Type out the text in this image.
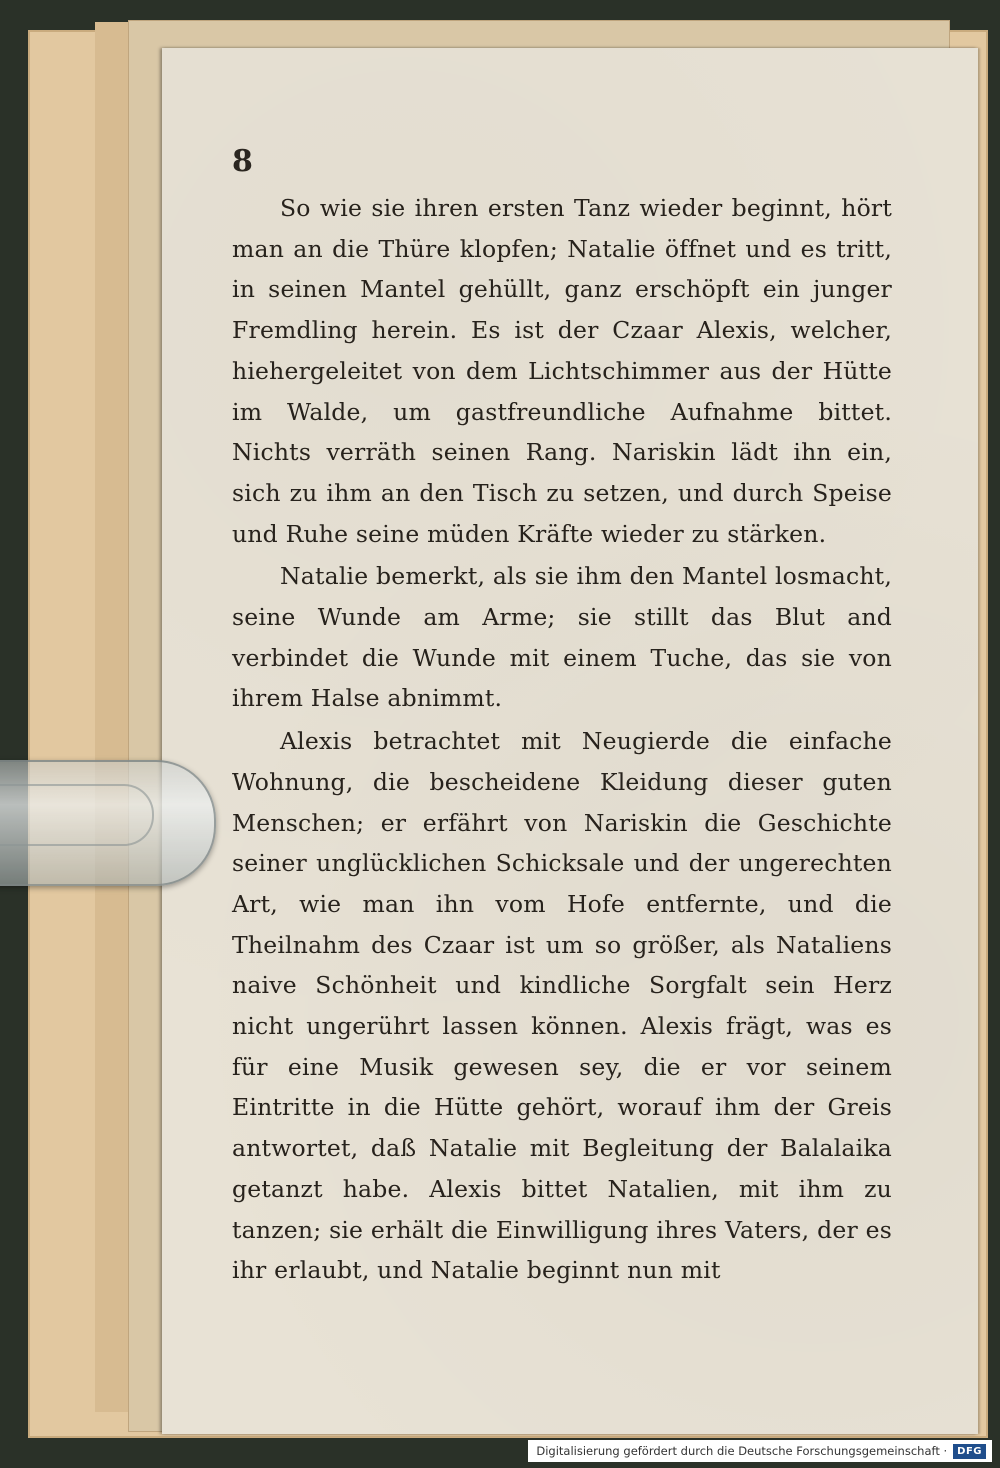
8

So wie sie ihren ersten Tanz wieder beginnt, hört man an die Thüre klopfen; Natalie öffnet und es tritt, in seinen Mantel gehüllt, ganz erschöpft ein junger Fremdling herein. Es ist der Czaar Alexis, welcher, hiehergeleitet von dem Lichtschimmer aus der Hütte im Walde, um gastfreundliche Aufnahme bittet. Nichts verräth seinen Rang. Nariskin lädt ihn ein, sich zu ihm an den Tisch zu setzen, und durch Speise und Ruhe seine müden Kräfte wieder zu stärken.

Natalie bemerkt, als sie ihm den Mantel losmacht, seine Wunde am Arme; sie stillt das Blut and verbindet die Wunde mit einem Tuche, das sie von ihrem Halse abnimmt.

Alexis betrachtet mit Neugierde die einfache Wohnung, die bescheidene Kleidung dieser guten Menschen; er erfährt von Nariskin die Geschichte seiner unglücklichen Schicksale und der ungerechten Art, wie man ihn vom Hofe entfernte, und die Theilnahm des Czaar ist um so größer, als Nataliens naive Schönheit und kindliche Sorgfalt sein Herz nicht ungerührt lassen können. Alexis frägt, was es für eine Musik gewesen sey, die er vor seinem Eintritte in die Hütte gehört, worauf ihm der Greis antwortet, daß Natalie mit Begleitung der Balalaika getanzt habe. Alexis bittet Natalien, mit ihm zu tanzen; sie erhält die Einwilligung ihres Vaters, der es ihr erlaubt, und Natalie beginnt nun mit

Digitalisierung gefördert durch die Deutsche Forschungsgemeinschaft ·	DFG
